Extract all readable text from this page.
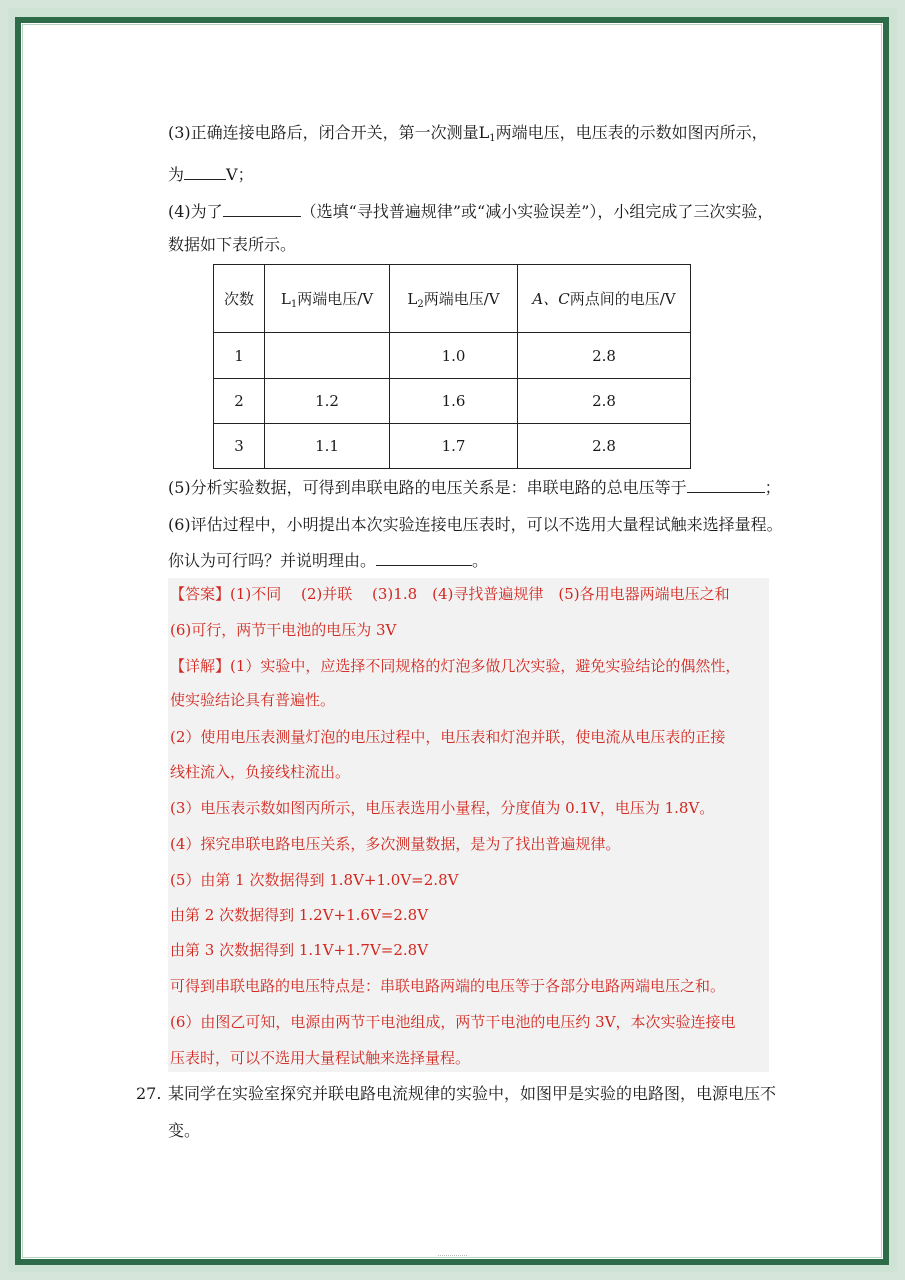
(3)正确连接电路后，闭合开关，第一次测量$L_1$两端电压，电压表的示数如图丙所示，
为	V；
(4)为了	（选填“寻找普遍规律”或“减小实验误差”），小组完成了三次实验，
数据如下表所示。
次数	$L_1$两端电压/V	$L_2$两端电压/V	A、C两点间的电压/V
1		1.0	2.8
2	1.2	1.6	2.8
3	1.1	1.7	2.8
(5)分析实验数据，可得到串联电路的电压关系是：串联电路的总电压等于	；
(6)评估过程中，小明提出本次实验连接电压表时，可以不选用大量程试触来选择量程。
你认为可行吗？并说明理由。	。
【答案】(1)不同　 (2)并联　 (3)1.8　(4)寻找普遍规律　(5)各用电器两端电压之和
(6)可行，两节干电池的电压为 3V
【详解】(1）实验中，应选择不同规格的灯泡多做几次实验，避免实验结论的偶然性，
使实验结论具有普遍性。
(2）使用电压表测量灯泡的电压过程中，电压表和灯泡并联，使电流从电压表的正接
线柱流入，负接线柱流出。
(3）电压表示数如图丙所示，电压表选用小量程，分度值为 0.1V，电压为 1.8V。
(4）探究串联电路电压关系，多次测量数据，是为了找出普遍规律。
(5）由第 1 次数据得到 1.8V+1.0V=2.8V
由第 2 次数据得到 1.2V+1.6V=2.8V
由第 3 次数据得到 1.1V+1.7V=2.8V
可得到串联电路的电压特点是：串联电路两端的电压等于各部分电路两端电压之和。
(6）由图乙可知，电源由两节干电池组成，两节干电池的电压约 3V，本次实验连接电
压表时，可以不选用大量程试触来选择量程。
27. 某同学在实验室探究并联电路电流规律的实验中，如图甲是实验的电路图，电源电压不
变。
……………
